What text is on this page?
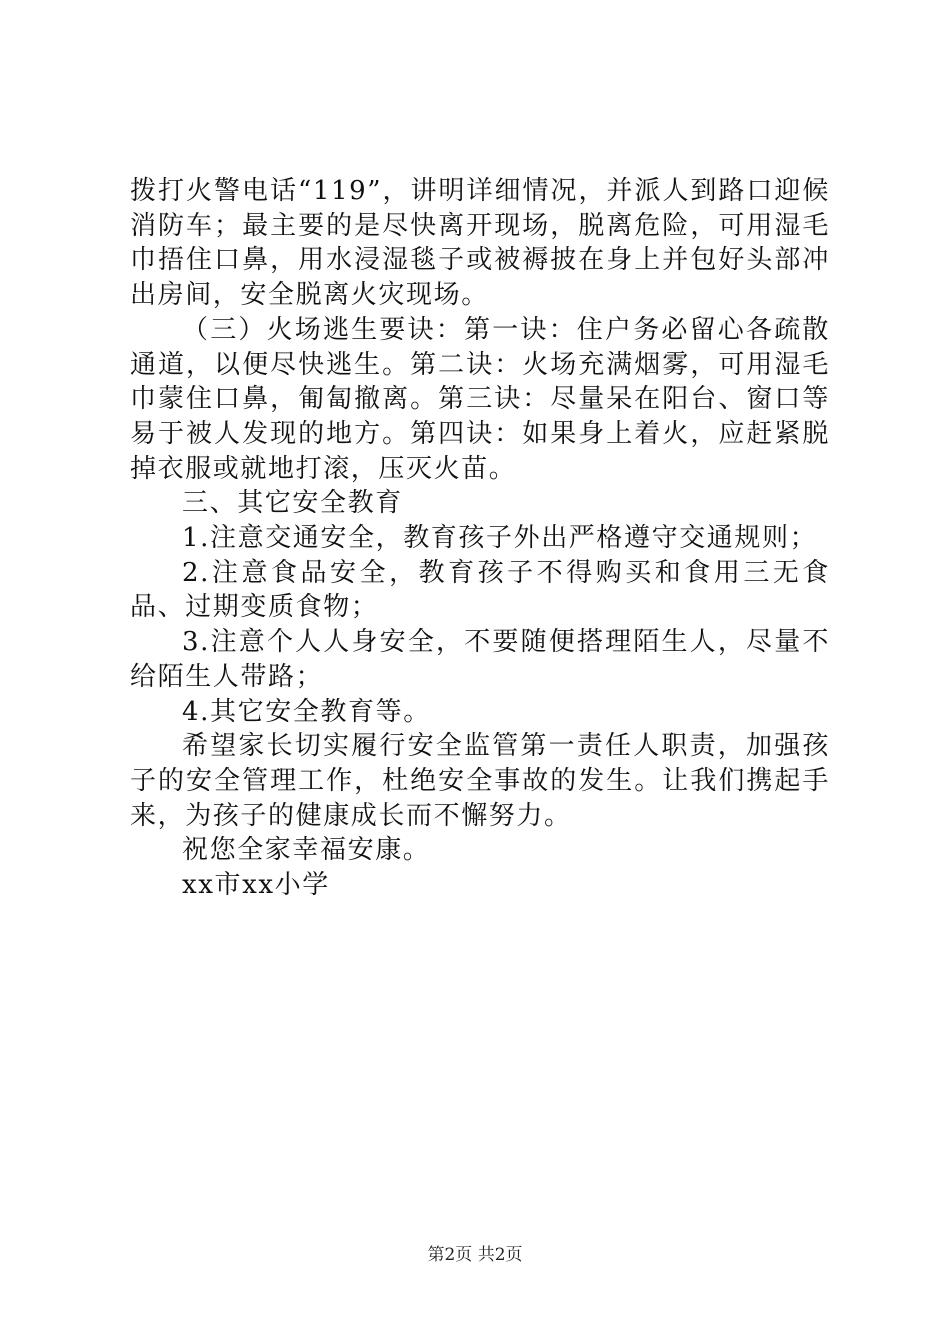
拨打火警电话“119”，讲明详细情况，并派人到路口迎候消防车；最主要的是尽快离开现场，脱离危险，可用湿毛巾捂住口鼻，用水浸湿毯子或被褥披在身上并包好头部冲出房间，安全脱离火灾现场。

（三）火场逃生要诀：第一诀：住户务必留心各疏散通道，以便尽快逃生。第二诀：火场充满烟雾，可用湿毛巾蒙住口鼻，匍匐撤离。第三诀：尽量呆在阳台、窗口等易于被人发现的地方。第四诀：如果身上着火，应赶紧脱掉衣服或就地打滚，压灭火苗。

三、其它安全教育

1.注意交通安全，教育孩子外出严格遵守交通规则；

2.注意食品安全，教育孩子不得购买和食用三无食品、过期变质食物；

3.注意个人人身安全，不要随便搭理陌生人，尽量不给陌生人带路；

4.其它安全教育等。

希望家长切实履行安全监管第一责任人职责，加强孩子的安全管理工作，杜绝安全事故的发生。让我们携起手来，为孩子的健康成长而不懈努力。

祝您全家幸福安康。

xx市xx小学

第2页 共2页
